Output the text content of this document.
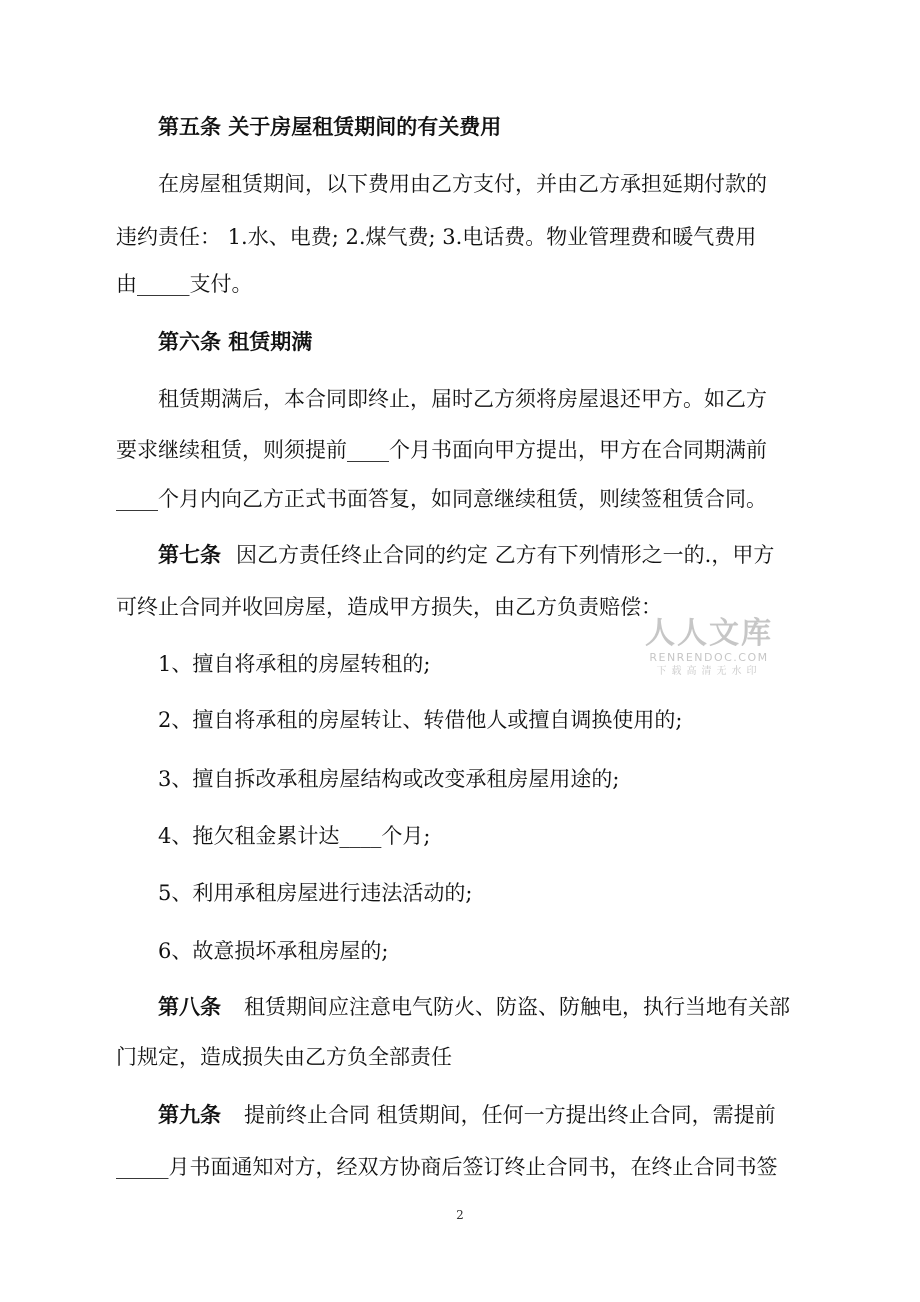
第五条 关于房屋租赁期间的有关费用
在房屋租赁期间，以下费用由乙方支付，并由乙方承担延期付款的
违约责任： 1.水、电费; 2.煤气费; 3.电话费。物业管理费和暖气费用
由_____支付。
第六条 租赁期满
租赁期满后，本合同即终止，届时乙方须将房屋退还甲方。如乙方
要求继续租赁，则须提前____个月书面向甲方提出，甲方在合同期满前
____个月内向乙方正式书面答复，如同意继续租赁，则续签租赁合同。
第七条 因乙方责任终止合同的约定 乙方有下列情形之一的.，甲方
可终止合同并收回房屋，造成甲方损失，由乙方负责赔偿：
1、擅自将承租的房屋转租的;
2、擅自将承租的房屋转让、转借他人或擅自调换使用的;
3、擅自拆改承租房屋结构或改变承租房屋用途的;
4、拖欠租金累计达____个月;
5、利用承租房屋进行违法活动的;
6、故意损坏承租房屋的;
第八条 租赁期间应注意电气防火、防盗、防触电，执行当地有关部
门规定，造成损失由乙方负全部责任
第九条 提前终止合同 租赁期间，任何一方提出终止合同，需提前
_____月书面通知对方，经双方协商后签订终止合同书，在终止合同书签
2
人人文库
RENRENDOC.COM
下载高清无水印
